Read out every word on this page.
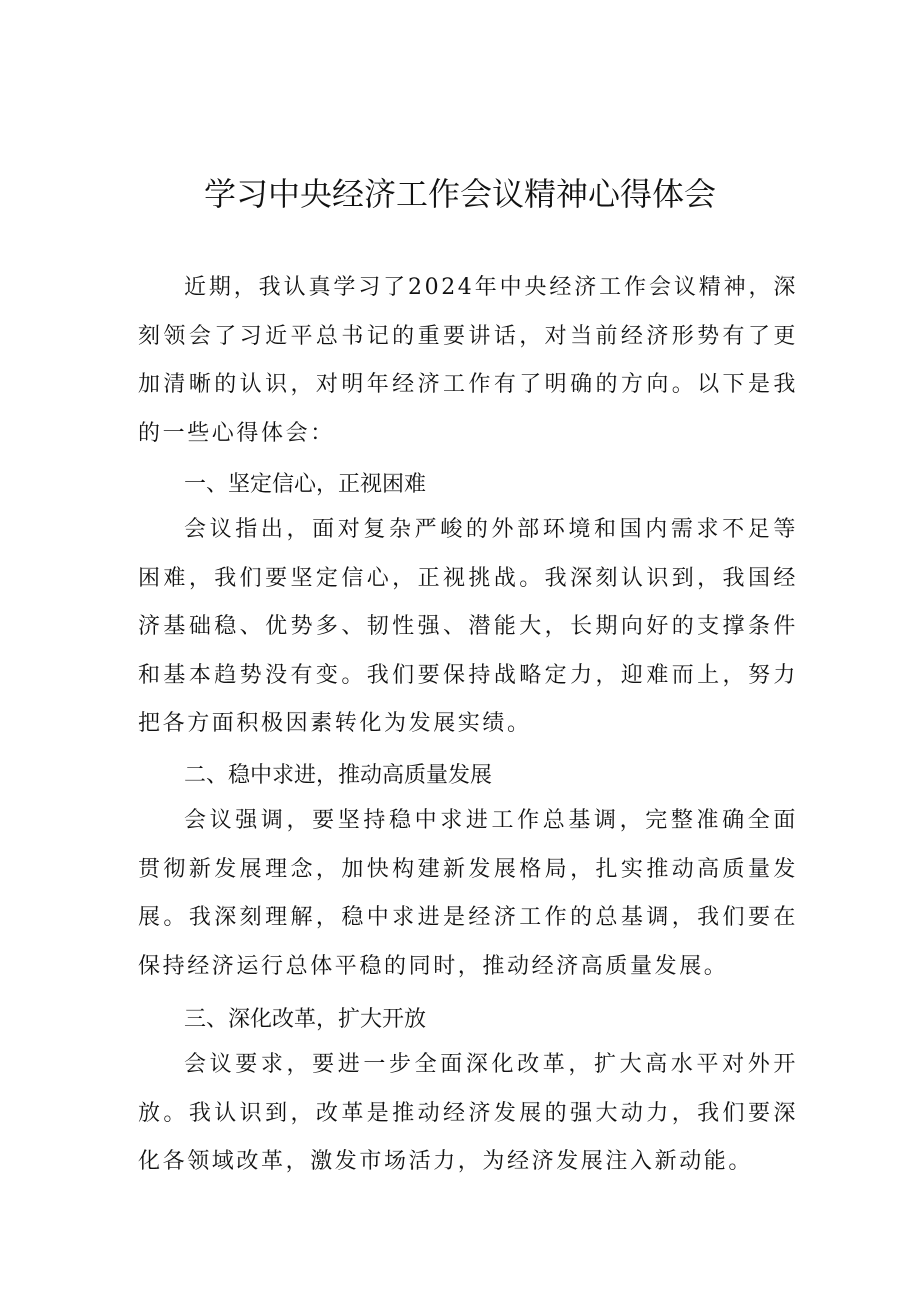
学习中央经济工作会议精神心得体会

近期，我认真学习了2024年中央经济工作会议精神，深刻领会了习近平总书记的重要讲话，对当前经济形势有了更加清晰的认识，对明年经济工作有了明确的方向。以下是我的一些心得体会：

一、坚定信心，正视困难

会议指出，面对复杂严峻的外部环境和国内需求不足等困难，我们要坚定信心，正视挑战。我深刻认识到，我国经济基础稳、优势多、韧性强、潜能大，长期向好的支撑条件和基本趋势没有变。我们要保持战略定力，迎难而上，努力把各方面积极因素转化为发展实绩。

二、稳中求进，推动高质量发展

会议强调，要坚持稳中求进工作总基调，完整准确全面贯彻新发展理念，加快构建新发展格局，扎实推动高质量发展。我深刻理解，稳中求进是经济工作的总基调，我们要在保持经济运行总体平稳的同时，推动经济高质量发展。

三、深化改革，扩大开放

会议要求，要进一步全面深化改革，扩大高水平对外开放。我认识到，改革是推动经济发展的强大动力，我们要深化各领域改革，激发市场活力，为经济发展注入新动能。
